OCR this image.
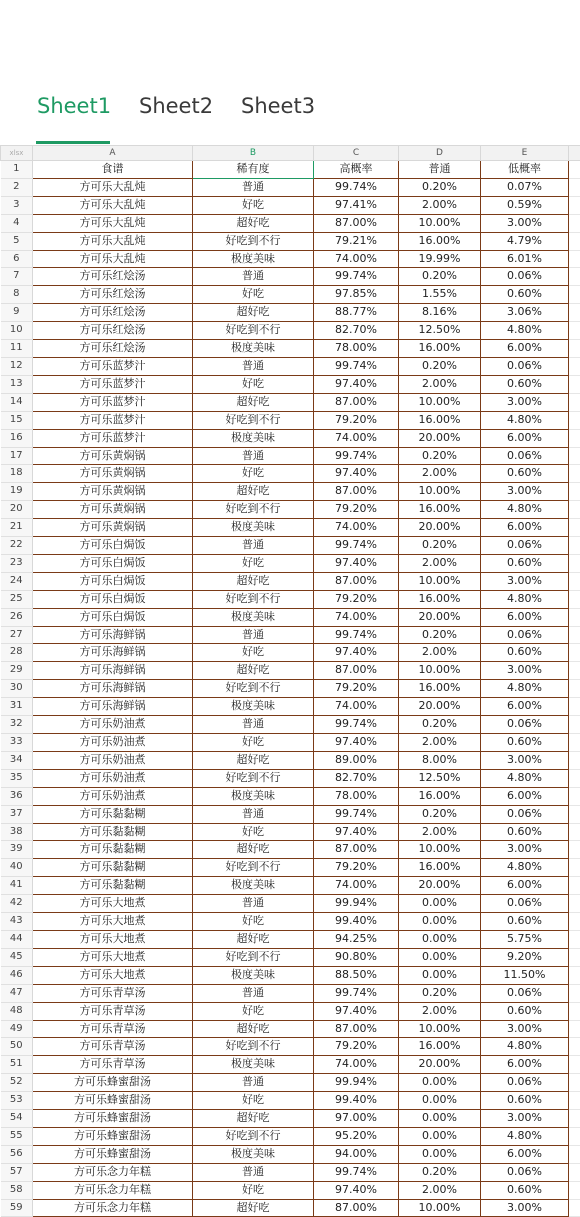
Sheet1 Sheet2 Sheet3
xlsx	A	B	C	D	E	
1	食谱	稀有度	高概率	普通	低概率	
2	方可乐大乱炖	普通	99.74%	0.20%	0.07%	
3	方可乐大乱炖	好吃	97.41%	2.00%	0.59%	
4	方可乐大乱炖	超好吃	87.00%	10.00%	3.00%	
5	方可乐大乱炖	好吃到不行	79.21%	16.00%	4.79%	
6	方可乐大乱炖	极度美味	74.00%	19.99%	6.01%	
7	方可乐红烩汤	普通	99.74%	0.20%	0.06%	
8	方可乐红烩汤	好吃	97.85%	1.55%	0.60%	
9	方可乐红烩汤	超好吃	88.77%	8.16%	3.06%	
10	方可乐红烩汤	好吃到不行	82.70%	12.50%	4.80%	
11	方可乐红烩汤	极度美味	78.00%	16.00%	6.00%	
12	方可乐蓝梦汁	普通	99.74%	0.20%	0.06%	
13	方可乐蓝梦汁	好吃	97.40%	2.00%	0.60%	
14	方可乐蓝梦汁	超好吃	87.00%	10.00%	3.00%	
15	方可乐蓝梦汁	好吃到不行	79.20%	16.00%	4.80%	
16	方可乐蓝梦汁	极度美味	74.00%	20.00%	6.00%	
17	方可乐黄焖锅	普通	99.74%	0.20%	0.06%	
18	方可乐黄焖锅	好吃	97.40%	2.00%	0.60%	
19	方可乐黄焖锅	超好吃	87.00%	10.00%	3.00%	
20	方可乐黄焖锅	好吃到不行	79.20%	16.00%	4.80%	
21	方可乐黄焖锅	极度美味	74.00%	20.00%	6.00%	
22	方可乐白焗饭	普通	99.74%	0.20%	0.06%	
23	方可乐白焗饭	好吃	97.40%	2.00%	0.60%	
24	方可乐白焗饭	超好吃	87.00%	10.00%	3.00%	
25	方可乐白焗饭	好吃到不行	79.20%	16.00%	4.80%	
26	方可乐白焗饭	极度美味	74.00%	20.00%	6.00%	
27	方可乐海鲜锅	普通	99.74%	0.20%	0.06%	
28	方可乐海鲜锅	好吃	97.40%	2.00%	0.60%	
29	方可乐海鲜锅	超好吃	87.00%	10.00%	3.00%	
30	方可乐海鲜锅	好吃到不行	79.20%	16.00%	4.80%	
31	方可乐海鲜锅	极度美味	74.00%	20.00%	6.00%	
32	方可乐奶油煮	普通	99.74%	0.20%	0.06%	
33	方可乐奶油煮	好吃	97.40%	2.00%	0.60%	
34	方可乐奶油煮	超好吃	89.00%	8.00%	3.00%	
35	方可乐奶油煮	好吃到不行	82.70%	12.50%	4.80%	
36	方可乐奶油煮	极度美味	78.00%	16.00%	6.00%	
37	方可乐黏黏糊	普通	99.74%	0.20%	0.06%	
38	方可乐黏黏糊	好吃	97.40%	2.00%	0.60%	
39	方可乐黏黏糊	超好吃	87.00%	10.00%	3.00%	
40	方可乐黏黏糊	好吃到不行	79.20%	16.00%	4.80%	
41	方可乐黏黏糊	极度美味	74.00%	20.00%	6.00%	
42	方可乐大地煮	普通	99.94%	0.00%	0.06%	
43	方可乐大地煮	好吃	99.40%	0.00%	0.60%	
44	方可乐大地煮	超好吃	94.25%	0.00%	5.75%	
45	方可乐大地煮	好吃到不行	90.80%	0.00%	9.20%	
46	方可乐大地煮	极度美味	88.50%	0.00%	11.50%	
47	方可乐青草汤	普通	99.74%	0.20%	0.06%	
48	方可乐青草汤	好吃	97.40%	2.00%	0.60%	
49	方可乐青草汤	超好吃	87.00%	10.00%	3.00%	
50	方可乐青草汤	好吃到不行	79.20%	16.00%	4.80%	
51	方可乐青草汤	极度美味	74.00%	20.00%	6.00%	
52	方可乐蜂蜜甜汤	普通	99.94%	0.00%	0.06%	
53	方可乐蜂蜜甜汤	好吃	99.40%	0.00%	0.60%	
54	方可乐蜂蜜甜汤	超好吃	97.00%	0.00%	3.00%	
55	方可乐蜂蜜甜汤	好吃到不行	95.20%	0.00%	4.80%	
56	方可乐蜂蜜甜汤	极度美味	94.00%	0.00%	6.00%	
57	方可乐念力年糕	普通	99.74%	0.20%	0.06%	
58	方可乐念力年糕	好吃	97.40%	2.00%	0.60%	
59	方可乐念力年糕	超好吃	87.00%	10.00%	3.00%	
